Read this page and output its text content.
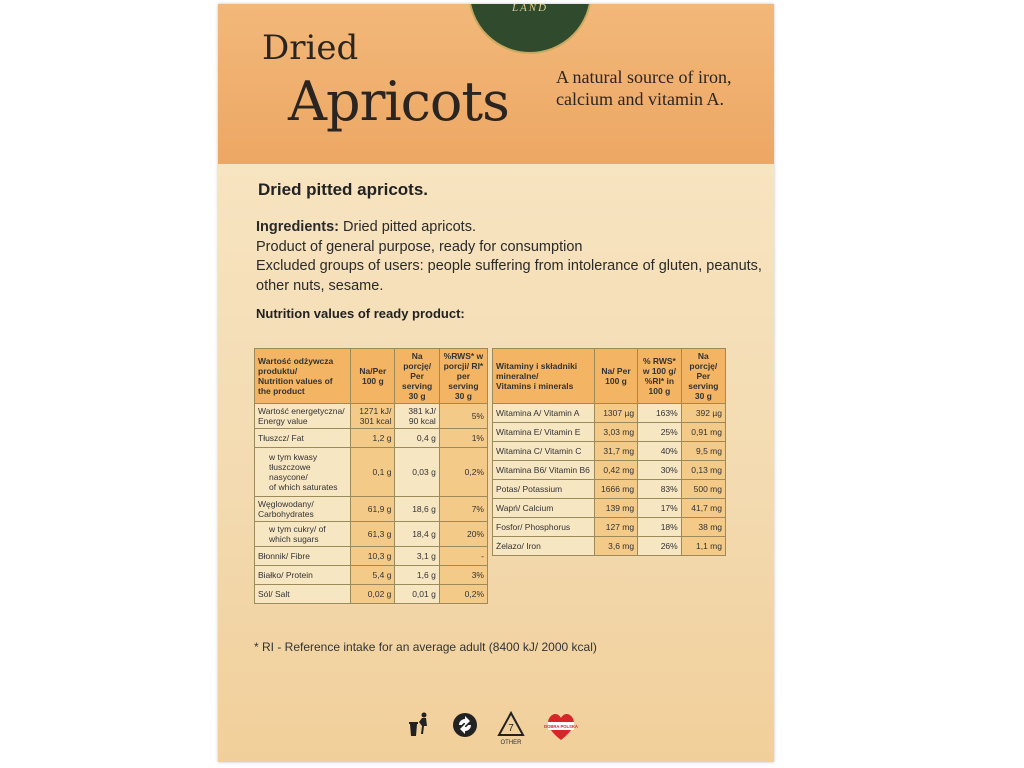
LAND
Dried
Apricots	A natural source of iron, calcium and vitamin A.
Dried pitted apricots.
Ingredients: Dried pitted apricots.
Product of general purpose, ready for consumption
Excluded groups of users: people suffering from intolerance of gluten, peanuts, other nuts, sesame.
Nutrition values of ready product:
Wartość odżywcza produktu/
Nutrition values of the product	Na/Per 100 g	Na porcję/ Per serving 30 g	%RWS* w porcji/ RI* per serving 30 g
Wartość energetyczna/ Energy value	1271 kJ/ 301 kcal	381 kJ/ 90 kcal	5%
Tłuszcz/ Fat	1,2 g	0,4 g	1%
w tym kwasy tłuszczowe nasycone/
of which saturates	0,1 g	0,03 g	0,2%
Węglowodany/ Carbohydrates	61,9 g	18,6 g	7%
w tym cukry/ of which sugars	61,3 g	18,4 g	20%
Błonnik/ Fibre	10,3 g	3,1 g	-
Białko/ Protein	5,4 g	1,6 g	3%
Sól/ Salt	0,02 g	0,01 g	0,2%
Witaminy i składniki mineralne/
Vitamins i minerals	Na/ Per 100 g	% RWS* w 100 g/ %RI* in 100 g	Na porcję/ Per serving 30 g
Witamina A/ Vitamin A	1307 µg	163%	392 µg
Witamina E/ Vitamin E	3,03 mg	25%	0,91 mg
Witamina C/ Vitamin C	31,7 mg	40%	9,5 mg
Witamina B6/ Vitamin B6	0,42 mg	30%	0,13 mg
Potas/ Potassium	1666 mg	83%	500 mg
Wapń/ Calcium	139 mg	17%	41,7 mg
Fosfor/ Phosphorus	127 mg	18%	38 mg
Żelazo/ Iron	3,6 mg	26%	1,1 mg
* RI - Reference intake for an average adult (8400 kJ/ 2000 kcal)
7
OTHER
DOBRA POLSKA
